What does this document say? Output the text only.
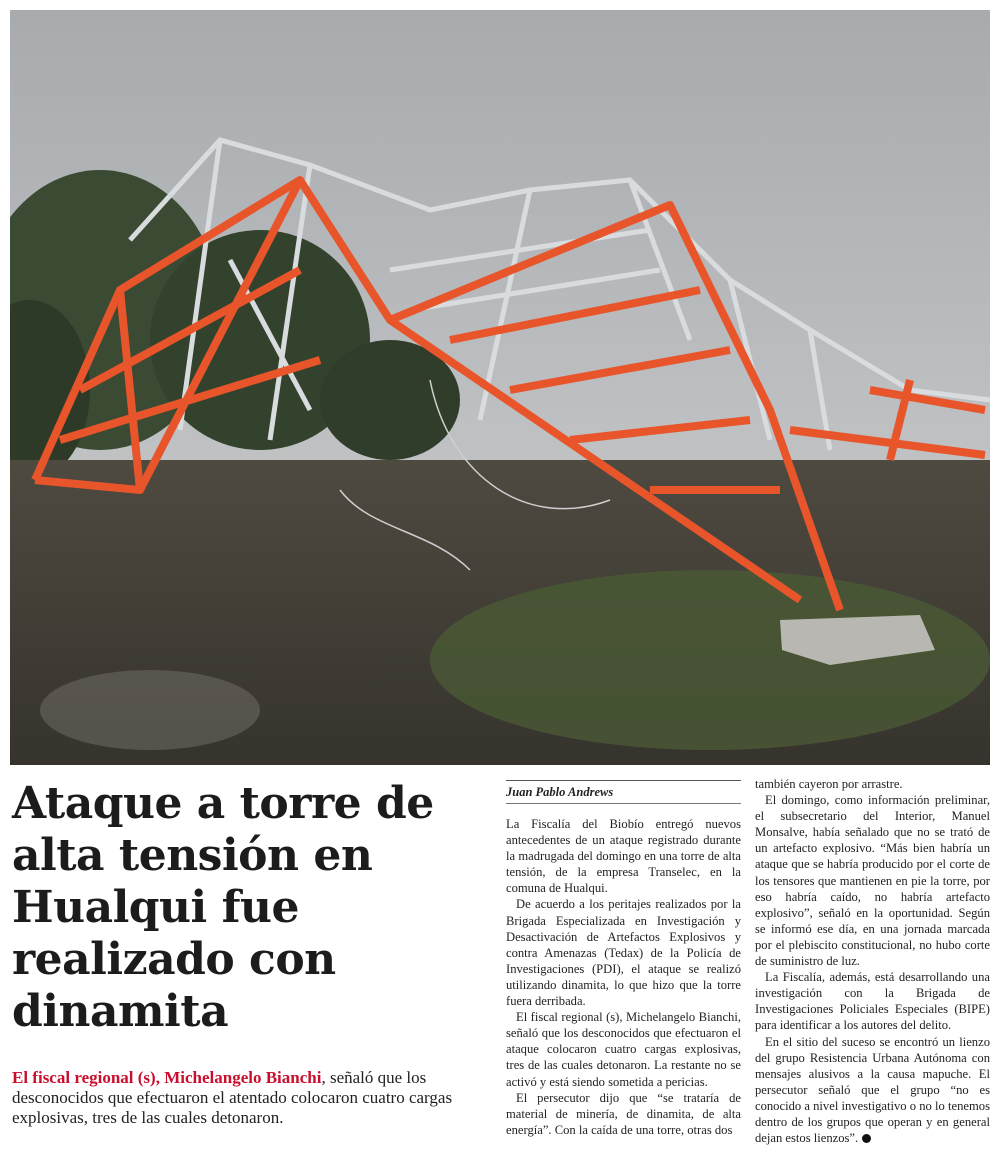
Ataque a torre de
alta tensión en
Hualqui fue
realizado con
dinamita

El fiscal regional (s), Michelangelo Bianchi, señaló que los desconocidos que efectuaron el atentado colocaron cuatro cargas explosivas, tres de las cuales detonaron.

Juan Pablo Andrews

La Fiscalía del Biobío entregó nuevos antecedentes de un ataque registrado durante la madrugada del domingo en una torre de alta tensión, de la empresa Transelec, en la comuna de Hualqui.

De acuerdo a los peritajes realizados por la Brigada Especializada en Investigación y Desactivación de Artefactos Explosivos y contra Amenazas (Tedax) de la Policía de Investigaciones (PDI), el ataque se realizó utilizando dinamita, lo que hizo que la torre fuera derribada.

El fiscal regional (s), Michelangelo Bianchi, señaló que los desconocidos que efectuaron el ataque colocaron cuatro cargas explosivas, tres de las cuales detonaron. La restante no se activó y está siendo sometida a pericias.

El persecutor dijo que “se trataría de material de minería, de dinamita, de alta energía”. Con la caída de una torre, otras dos

también cayeron por arrastre.

El domingo, como información preliminar, el subsecretario del Interior, Manuel Monsalve, había señalado que no se trató de un artefacto explosivo. “Más bien habría un ataque que se habría producido por el corte de los tensores que mantienen en pie la torre, por eso habría caído, no habría artefacto explosivo”, señaló en la oportunidad. Según se informó ese día, en una jornada marcada por el plebiscito constitucional, no hubo corte de suministro de luz.

La Fiscalía, además, está desarrollando una investigación con la Brigada de Investigaciones Policiales Especiales (BIPE) para identificar a los autores del delito.

En el sitio del suceso se encontró un lienzo del grupo Resistencia Urbana Autónoma con mensajes alusivos a la causa mapuche. El persecutor señaló que el grupo “no es conocido a nivel investigativo o no lo tenemos dentro de los grupos que operan y en general dejan estos lienzos”.
